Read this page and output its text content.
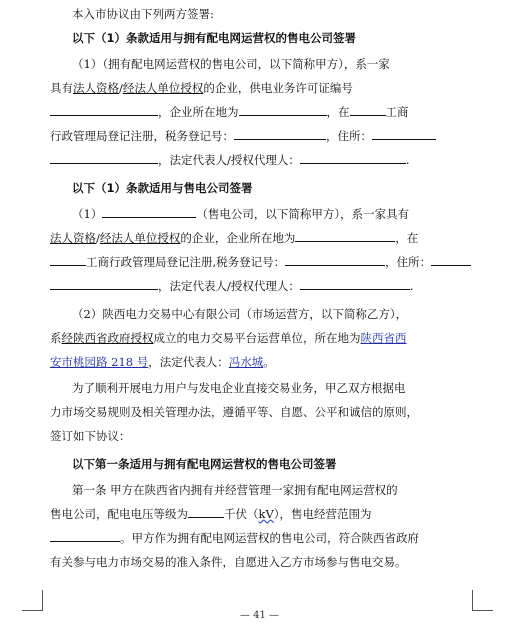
本入市协议由下列两方签署:
以下（1）条款适用与拥有配电网运营权的售电公司签署
（1）（拥有配电网运营权的售电公司，以下简称甲方），系一家
具有法人资格/经法人单位授权的企业，供电业务许可证编号
，企业所在地为	，在	工商
行政管理局登记注册，税务登记号：	，住所：
，法定代表人/授权代理人：	.
以下（1）条款适用与售电公司签署
（1）	（售电公司，以下简称甲方），系一家具有
法人资格/经法人单位授权的企业，企业所在地为	，在
工商行政管理局登记注册,税务登记号：	，住所：
，法定代表人/授权代理人：	.
（2）陕西电力交易中心有限公司（市场运营方，以下简称乙方），
系经陕西省政府授权成立的电力交易平台运营单位，所在地为陕西省西
安市桃园路 218 号，法定代表人：冯水城。
为了顺利开展电力用户与发电企业直接交易业务，甲乙双方根据电
力市场交易规则及相关管理办法，遵循平等、自愿、公平和诚信的原则，
签订如下协议：
以下第一条适用与拥有配电网运营权的售电公司签署
第一条 甲方在陕西省内拥有并经营管理一家拥有配电网运营权的
售电公司，配电电压等级为	千伏（kV），售电经营范围为
。甲方作为拥有配电网运营权的售电公司，符合陕西省政府
有关参与电力市场交易的准入条件，自愿进入乙方市场参与售电交易。
— 41 —
